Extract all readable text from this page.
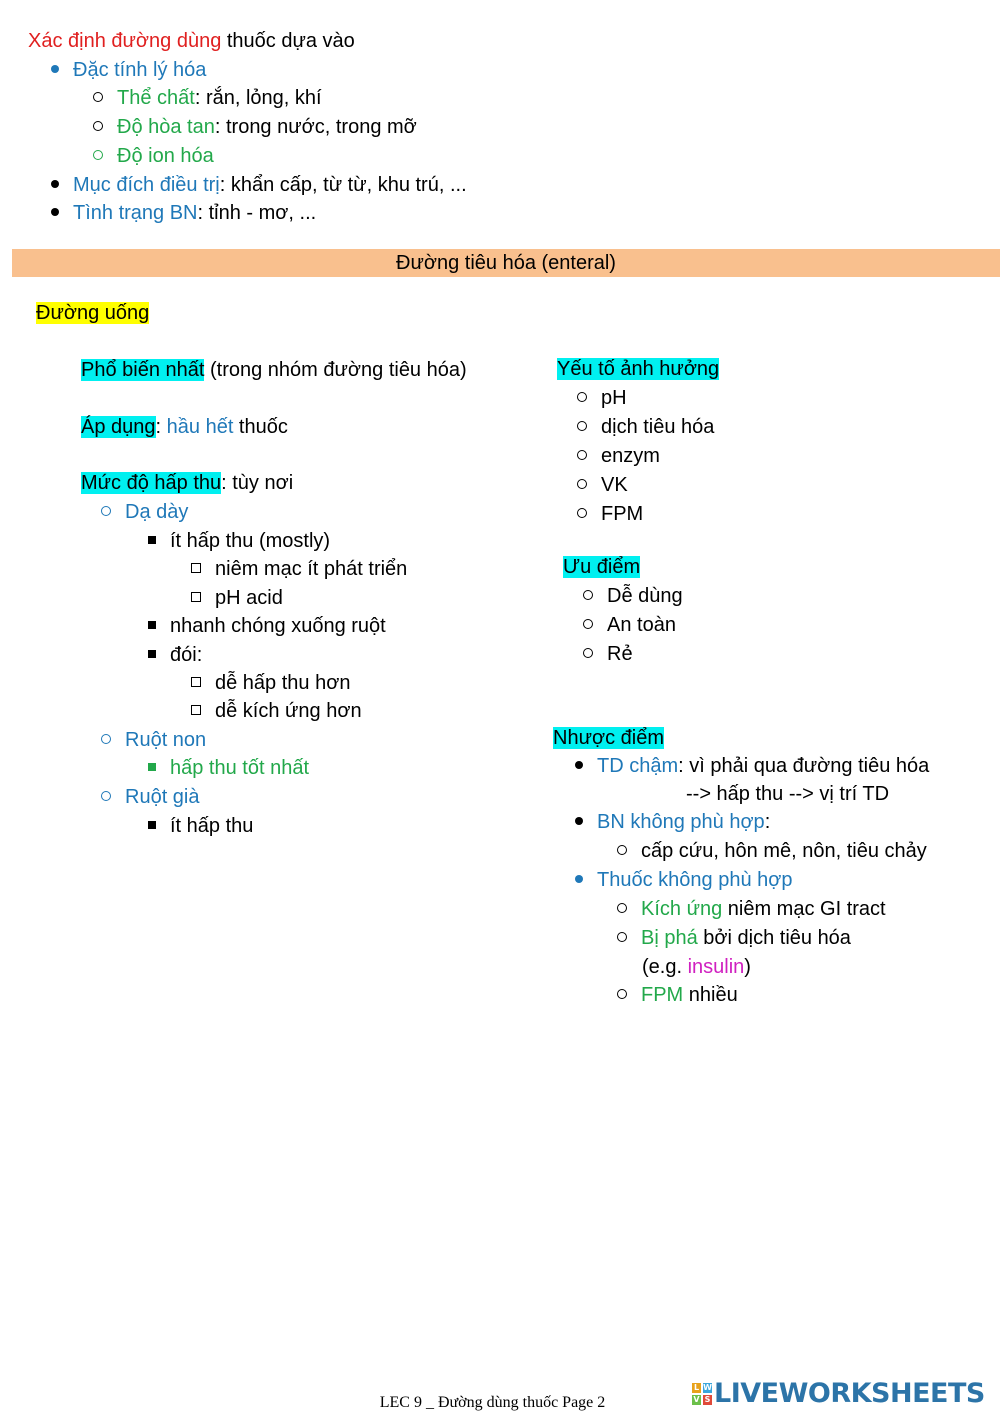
Xác định đường dùng thuốc dựa vào
Đặc tính lý hóa
Thể chất: rắn, lỏng, khí
Độ hòa tan: trong nước, trong mỡ
Độ ion hóa
Mục đích điều trị: khẩn cấp, từ từ, khu trú, ...
Tình trạng BN: tỉnh - mơ, ...
Đường tiêu hóa (enteral)
Đường uống
Phổ biến nhất (trong nhóm đường tiêu hóa)
Áp dụng: hầu hết thuốc
Mức độ hấp thu: tùy nơi
Dạ dày
ít hấp thu (mostly)
niêm mạc ít phát triển
pH acid
nhanh chóng xuống ruột
đói:
dễ hấp thu hơn
dễ kích ứng hơn
Ruột non
hấp thu tốt nhất
Ruột già
ít hấp thu
Yếu tố ảnh hưởng
pH
dịch tiêu hóa
enzym
VK
FPM
Ưu điểm
Dễ dùng
An toàn
Rẻ
Nhược điểm
TD chậm: vì phải qua đường tiêu hóa
--> hấp thu --> vị trí TD
BN không phù hợp:
cấp cứu, hôn mê, nôn, tiêu chảy
Thuốc không phù hợp
Kích ứng niêm mạc GI tract
Bị phá bởi dịch tiêu hóa
(e.g. insulin)
FPM nhiều
LEC 9 _ Đường dùng thuốc Page 2
L W
V S LIVEWORKSHEETS
